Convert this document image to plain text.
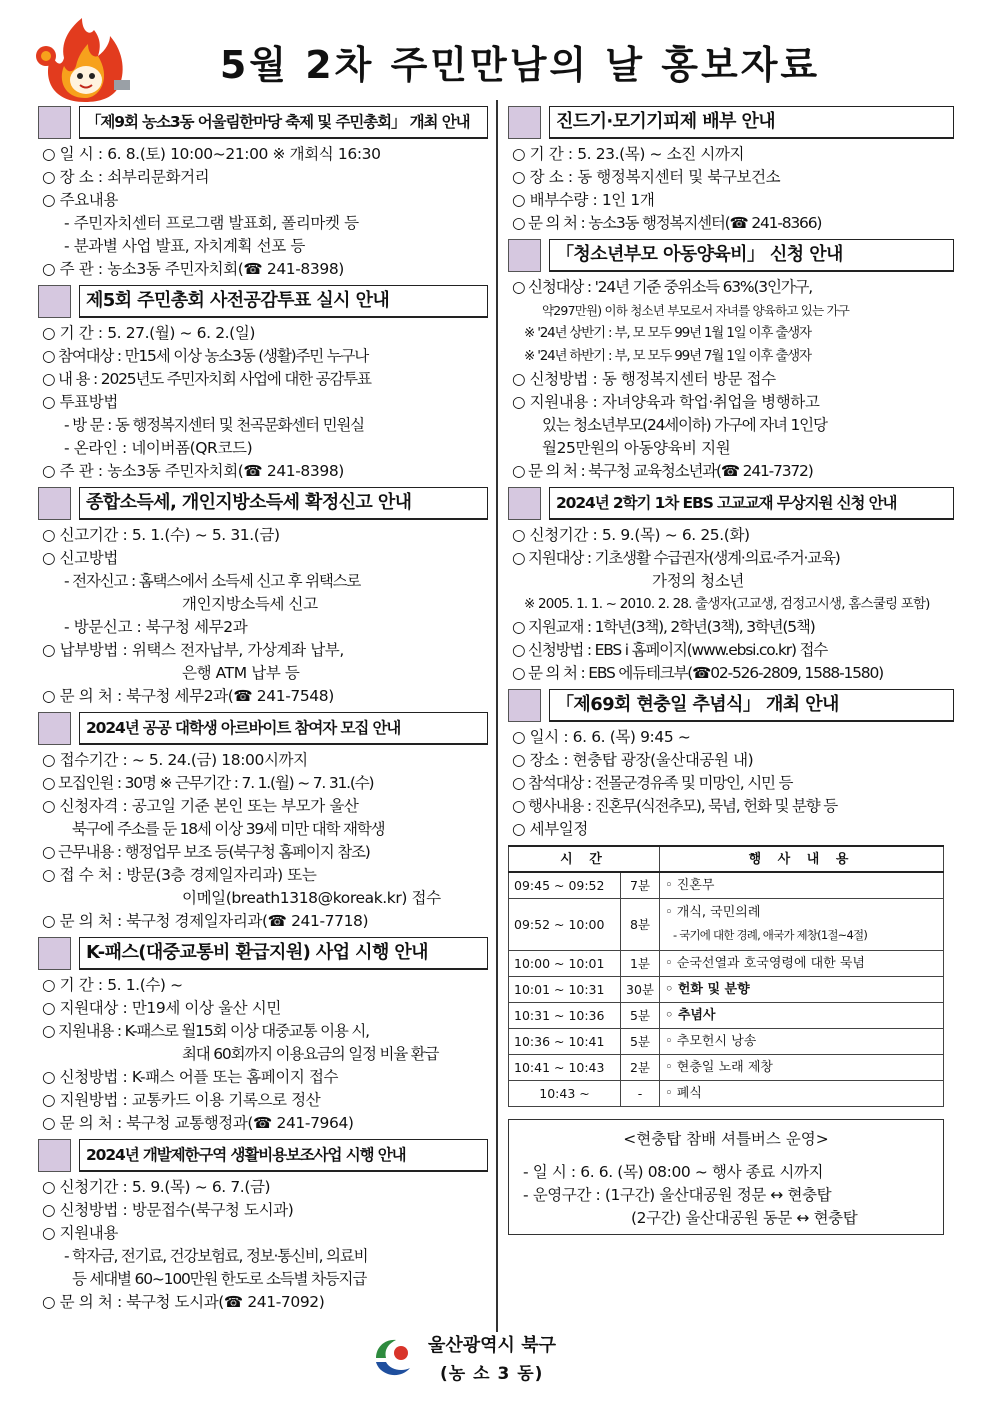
5월 2차 주민만남의 날 홍보자료
「제9회 농소3동 어울림한마당 축제 및 주민총회」 개최 안내
○ 일 시 : 6. 8.(토) 10:00~21:00 ※ 개회식 16:30
○ 장 소 : 쇠부리문화거리
○ 주요내용
- 주민자치센터 프로그램 발표회, 폴리마켓 등
- 분과별 사업 발표, 자치계획 선포 등
○ 주 관 : 농소3동 주민자치회(☎ 241-8398)
제5회 주민총회 사전공감투표 실시 안내
○ 기 간 : 5. 27.(월) ~ 6. 2.(일)
○ 참여대상 : 만15세 이상 농소3동 (생활)주민 누구나
○ 내 용 : 2025년도 주민자치회 사업에 대한 공감투표
○ 투표방법
- 방 문 : 동 행정복지센터 및 천곡문화센터 민원실
- 온라인 : 네이버폼(QR코드)
○ 주 관 : 농소3동 주민자치회(☎ 241-8398)
종합소득세, 개인지방소득세 확정신고 안내
○ 신고기간 : 5. 1.(수) ~ 5. 31.(금)
○ 신고방법
- 전자신고 : 홈택스에서 소득세 신고 후 위택스로
개인지방소득세 신고
- 방문신고 : 북구청 세무2과
○ 납부방법 : 위택스 전자납부, 가상계좌 납부,
은행 ATM 납부 등
○ 문 의 처 : 북구청 세무2과(☎ 241-7548)
2024년 공공 대학생 아르바이트 참여자 모집 안내
○ 접수기간 : ~ 5. 24.(금) 18:00시까지
○ 모집인원 : 30명 ※ 근무기간 : 7. 1.(월) ~ 7. 31.(수)
○ 신청자격 : 공고일 기준 본인 또는 부모가 울산
북구에 주소를 둔 18세 이상 39세 미만 대학 재학생
○ 근무내용 : 행정업무 보조 등(북구청 홈페이지 참조)
○ 접 수 처 : 방문(3층 경제일자리과) 또는
이메일(breath1318@koreak.kr) 접수
○ 문 의 처 : 북구청 경제일자리과(☎ 241-7718)
K-패스(대중교통비 환급지원) 사업 시행 안내
○ 기 간 : 5. 1.(수) ~
○ 지원대상 : 만19세 이상 울산 시민
○ 지원내용 : K-패스로 월15회 이상 대중교통 이용 시,
최대 60회까지 이용요금의 일정 비율 환급
○ 신청방법 : K-패스 어플 또는 홈페이지 접수
○ 지원방법 : 교통카드 이용 기록으로 정산
○ 문 의 처 : 북구청 교통행정과(☎ 241-7964)
2024년 개발제한구역 생활비용보조사업 시행 안내
○ 신청기간 : 5. 9.(목) ~ 6. 7.(금)
○ 신청방법 : 방문접수(북구청 도시과)
○ 지원내용
- 학자금, 전기료, 건강보험료, 정보·통신비, 의료비
등 세대별 60~100만원 한도로 소득별 차등지급
○ 문 의 처 : 북구청 도시과(☎ 241-7092)
진드기·모기기피제 배부 안내
○ 기 간 : 5. 23.(목) ~ 소진 시까지
○ 장 소 : 동 행정복지센터 및 북구보건소
○ 배부수량 : 1인 1개
○ 문 의 처 : 농소3동 행정복지센터(☎ 241-8366)
「청소년부모 아동양육비」 신청 안내
○ 신청대상 : '24년 기준 중위소득 63%(3인가구,
약297만원) 이하 청소년 부모로서 자녀를 양육하고 있는 가구
※ '24년 상반기 : 부, 모 모두 99년 1월 1일 이후 출생자
※ '24년 하반기 : 부, 모 모두 99년 7월 1일 이후 출생자
○ 신청방법 : 동 행정복지센터 방문 접수
○ 지원내용 : 자녀양육과 학업·취업을 병행하고
있는 청소년부모(24세이하) 가구에 자녀 1인당
월25만원의 아동양육비 지원
○ 문 의 처 : 북구청 교육청소년과(☎ 241-7372)
2024년 2학기 1차 EBS 고교교재 무상지원 신청 안내
○ 신청기간 : 5. 9.(목) ~ 6. 25.(화)
○ 지원대상 : 기초생활 수급권자(생계·의료·주거·교육)
가정의 청소년
※ 2005. 1. 1. ~ 2010. 2. 28. 출생자(고교생, 검정고시생, 홈스쿨링 포함)
○ 지원교재 : 1학년(3책), 2학년(3책), 3학년(5책)
○ 신청방법 : EBS i 홈페이지(www.ebsi.co.kr) 접수
○ 문 의 처 : EBS 에듀테크부(☎02-526-2809, 1588-1580)
「제69회 현충일 추념식」 개최 안내
○ 일시 : 6. 6. (목) 9:45 ~
○ 장소 : 현충탑 광장(울산대공원 내)
○ 참석대상 : 전몰군경유족 및 미망인, 시민 등
○ 행사내용 : 진혼무(식전추모), 묵념, 헌화 및 분향 등
○ 세부일정
시 간		행 사 내 용
09:45 ~ 09:52	7분	◦ 진혼무
09:52 ~ 10:00	8분	◦ 개식, 국민의례
- 국기에 대한 경례, 애국가 제창(1절~4절)

10:00 ~ 10:01	1분	◦ 순국선열과 호국영령에 대한 묵념
10:01 ~ 10:31	30분	◦ 헌화 및 분향
10:31 ~ 10:36	5분	◦ 추념사
10:36 ~ 10:41	5분	◦ 추모헌시 낭송
10:41 ~ 10:43	2분	◦ 현충일 노래 제창
10:43 ~	-	◦ 폐식
<현충탑 참배 셔틀버스 운영>
- 일 시 : 6. 6. (목) 08:00 ~ 행사 종료 시까지
- 운영구간 : (1구간) 울산대공원 정문 ↔ 현충탑
(2구간) 울산대공원 동문 ↔ 현충탑
울산광역시 북구
(농 소 3 동)
